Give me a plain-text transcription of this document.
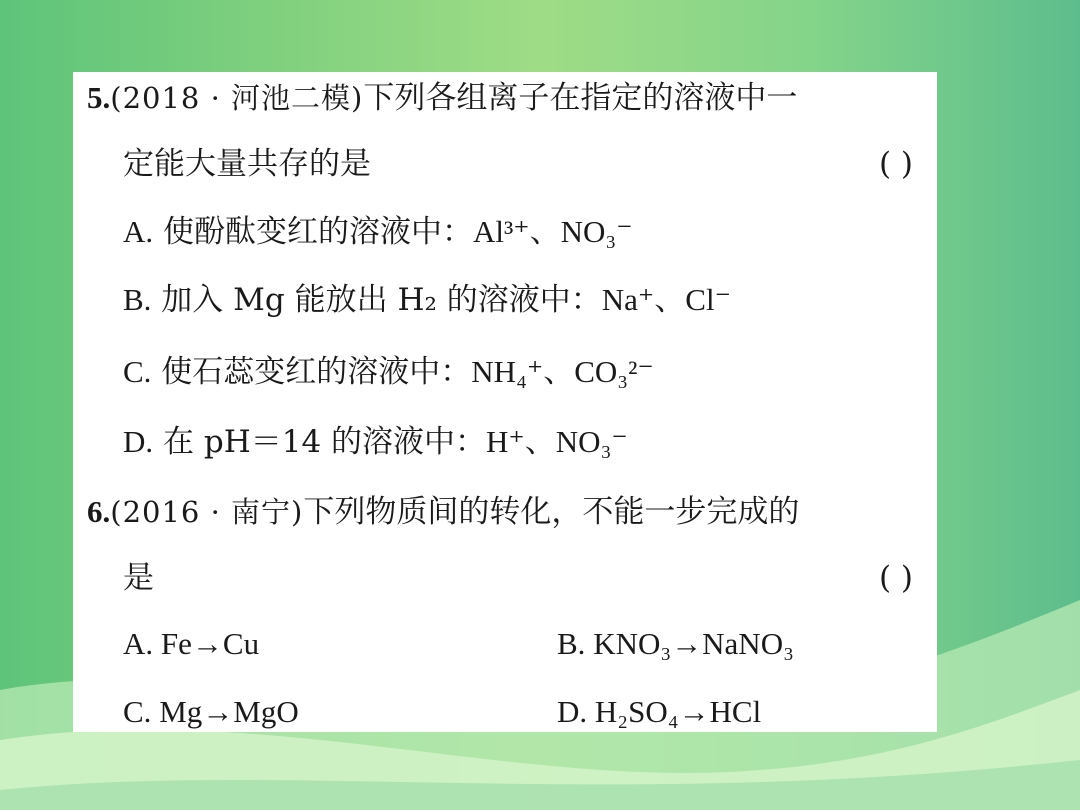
5.(2018 · 河池二模)下列各组离子在指定的溶液中一
定能大量共存的是	( )
A. 使酚酞变红的溶液中：Al³⁺、NO₃⁻
B. 加入 Mg 能放出 H₂ 的溶液中：Na⁺、Cl⁻
C. 使石蕊变红的溶液中：NH₄⁺、CO₃²⁻
D. 在 pH＝14 的溶液中：H⁺、NO₃⁻
6.(2016 · 南宁)下列物质间的转化，不能一步完成的
是	( )
A. Fe→Cu	B. KNO₃→NaNO₃
C. Mg→MgO	D. H₂SO₄→HCl
